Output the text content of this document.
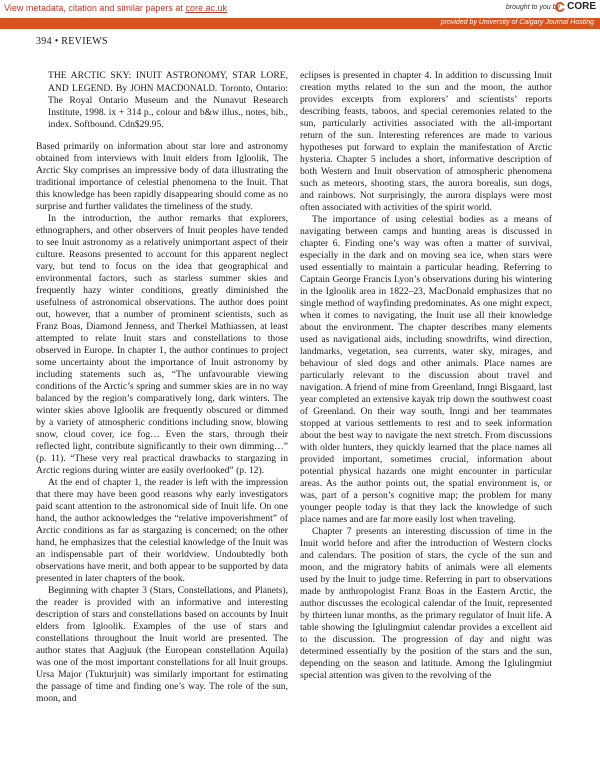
View metadata, citation and similar papers at core.ac.uk	brought to you by CORE
provided by University of Calgary Journal Hosting
394 • REVIEWS

THE ARCTIC SKY: INUIT ASTRONOMY, STAR LORE, AND LEGEND. By JOHN MACDONALD. Toronto, Ontario: The Royal Ontario Museum and the Nunavut Research Institute, 1998. ix + 314 p., colour and b&w illus., notes, bib., index. Softbound. Cdn$29.95.

Based primarily on information about star lore and astronomy obtained from interviews with Inuit elders from Igloolik, The Arctic Sky comprises an impressive body of data illustrating the traditional importance of celestial phenomena to the Inuit. That this knowledge has been rapidly disappearing should come as no surprise and further validates the timeliness of the study.

In the introduction, the author remarks that explorers, ethnographers, and other observers of Inuit peoples have tended to see Inuit astronomy as a relatively unimportant aspect of their culture. Reasons presented to account for this apparent neglect vary, but tend to focus on the idea that geographical and environmental factors, such as starless summer skies and frequently hazy winter conditions, greatly diminished the usefulness of astronomical observations. The author does point out, however, that a number of prominent scientists, such as Franz Boas, Diamond Jenness, and Therkel Mathiassen, at least attempted to relate Inuit stars and constellations to those observed in Europe. In chapter 1, the author continues to project some uncertainty about the importance of Inuit astronomy by including statements such as, “The unfavourable viewing conditions of the Arctic’s spring and summer skies are in no way balanced by the region’s comparatively long, dark winters. The winter skies above Igloolik are frequently obscured or dimmed by a variety of atmospheric conditions including snow, blowing snow, cloud cover, ice fog… Even the stars, through their reflected light, contribute significantly to their own dimming…” (p. 11). “These very real practical drawbacks to stargazing in Arctic regions during winter are easily overlooked” (p. 12).

At the end of chapter 1, the reader is left with the impression that there may have been good reasons why early investigators paid scant attention to the astronomical side of Inuit life. On one hand, the author acknowledges the “relative impoverishment” of Arctic conditions as far as stargazing is concerned; on the other hand, he emphasizes that the celestial knowledge of the Inuit was an indispensable part of their worldview. Undoubtedly both observations have merit, and both appear to be supported by data presented in later chapters of the book.

Beginning with chapter 3 (Stars, Constellations, and Planets), the reader is provided with an informative and interesting description of stars and constellations based on accounts by Inuit elders from Igloolik. Examples of the use of stars and constellations throughout the Inuit world are presented. The author states that Aagjuuk (the European constellation Aquila) was one of the most important constellations for all Inuit groups. Ursa Major (Tukturjuit) was similarly important for estimating the passage of time and finding one’s way. The role of the sun, moon, and

eclipses is presented in chapter 4. In addition to discussing Inuit creation myths related to the sun and the moon, the author provides excerpts from explorers’ and scientists’ reports describing feasts, taboos, and special ceremonies related to the sun, particularly activities associated with the all-important return of the sun. Interesting references are made to various hypotheses put forward to explain the manifestation of Arctic hysteria. Chapter 5 includes a short, informative description of both Western and Inuit observation of atmospheric phenomena such as meteors, shooting stars, the aurora borealis, sun dogs, and rainbows. Not surprisingly, the aurora displays were most often associated with activities of the spirit world.

The importance of using celestial bodies as a means of navigating between camps and hunting areas is discussed in chapter 6. Finding one’s way was often a matter of survival, especially in the dark and on moving sea ice, when stars were used essentially to maintain a particular heading. Referring to Captain George Francis Lyon’s observations during his wintering in the Igloolik area in 1822–23, MacDonald emphasizes that no single method of wayfinding predominates. As one might expect, when it comes to navigating, the Inuit use all their knowledge about the environment. The chapter describes many elements used as navigational aids, including snowdrifts, wind direction, landmarks, vegetation, sea currents, water sky, mirages, and behaviour of sled dogs and other animals. Place names are particularly relevant to the discussion about travel and navigation. A friend of mine from Greenland, Inngi Bisgaard, last year completed an extensive kayak trip down the southwest coast of Greenland. On their way south, Inngi and her teammates stopped at various settlements to rest and to seek information about the best way to navigate the next stretch. From discussions with older hunters, they quickly learned that the place names all provided important, sometimes crucial, information about potential physical hazards one might encounter in particular areas. As the author points out, the spatial environment is, or was, part of a person’s cognitive map; the problem for many younger people today is that they lack the knowledge of such place names and are far more easily lost when traveling.

Chapter 7 presents an interesting discussion of time in the Inuit world before and after the introduction of Western clocks and calendars. The position of stars, the cycle of the sun and moon, and the migratory habits of animals were all elements used by the Inuit to judge time. Referring in part to observations made by anthropologist Franz Boas in the Eastern Arctic, the author discusses the ecological calendar of the Inuit, represented by thirteen lunar months, as the primary regulator of Inuit life. A table showing the Iglulingmiut calendar provides a excellent aid to the discussion. The progression of day and night was determined essentially by the position of the stars and the sun, depending on the season and latitude. Among the Iglulingmiut special attention was given to the revolving of the
